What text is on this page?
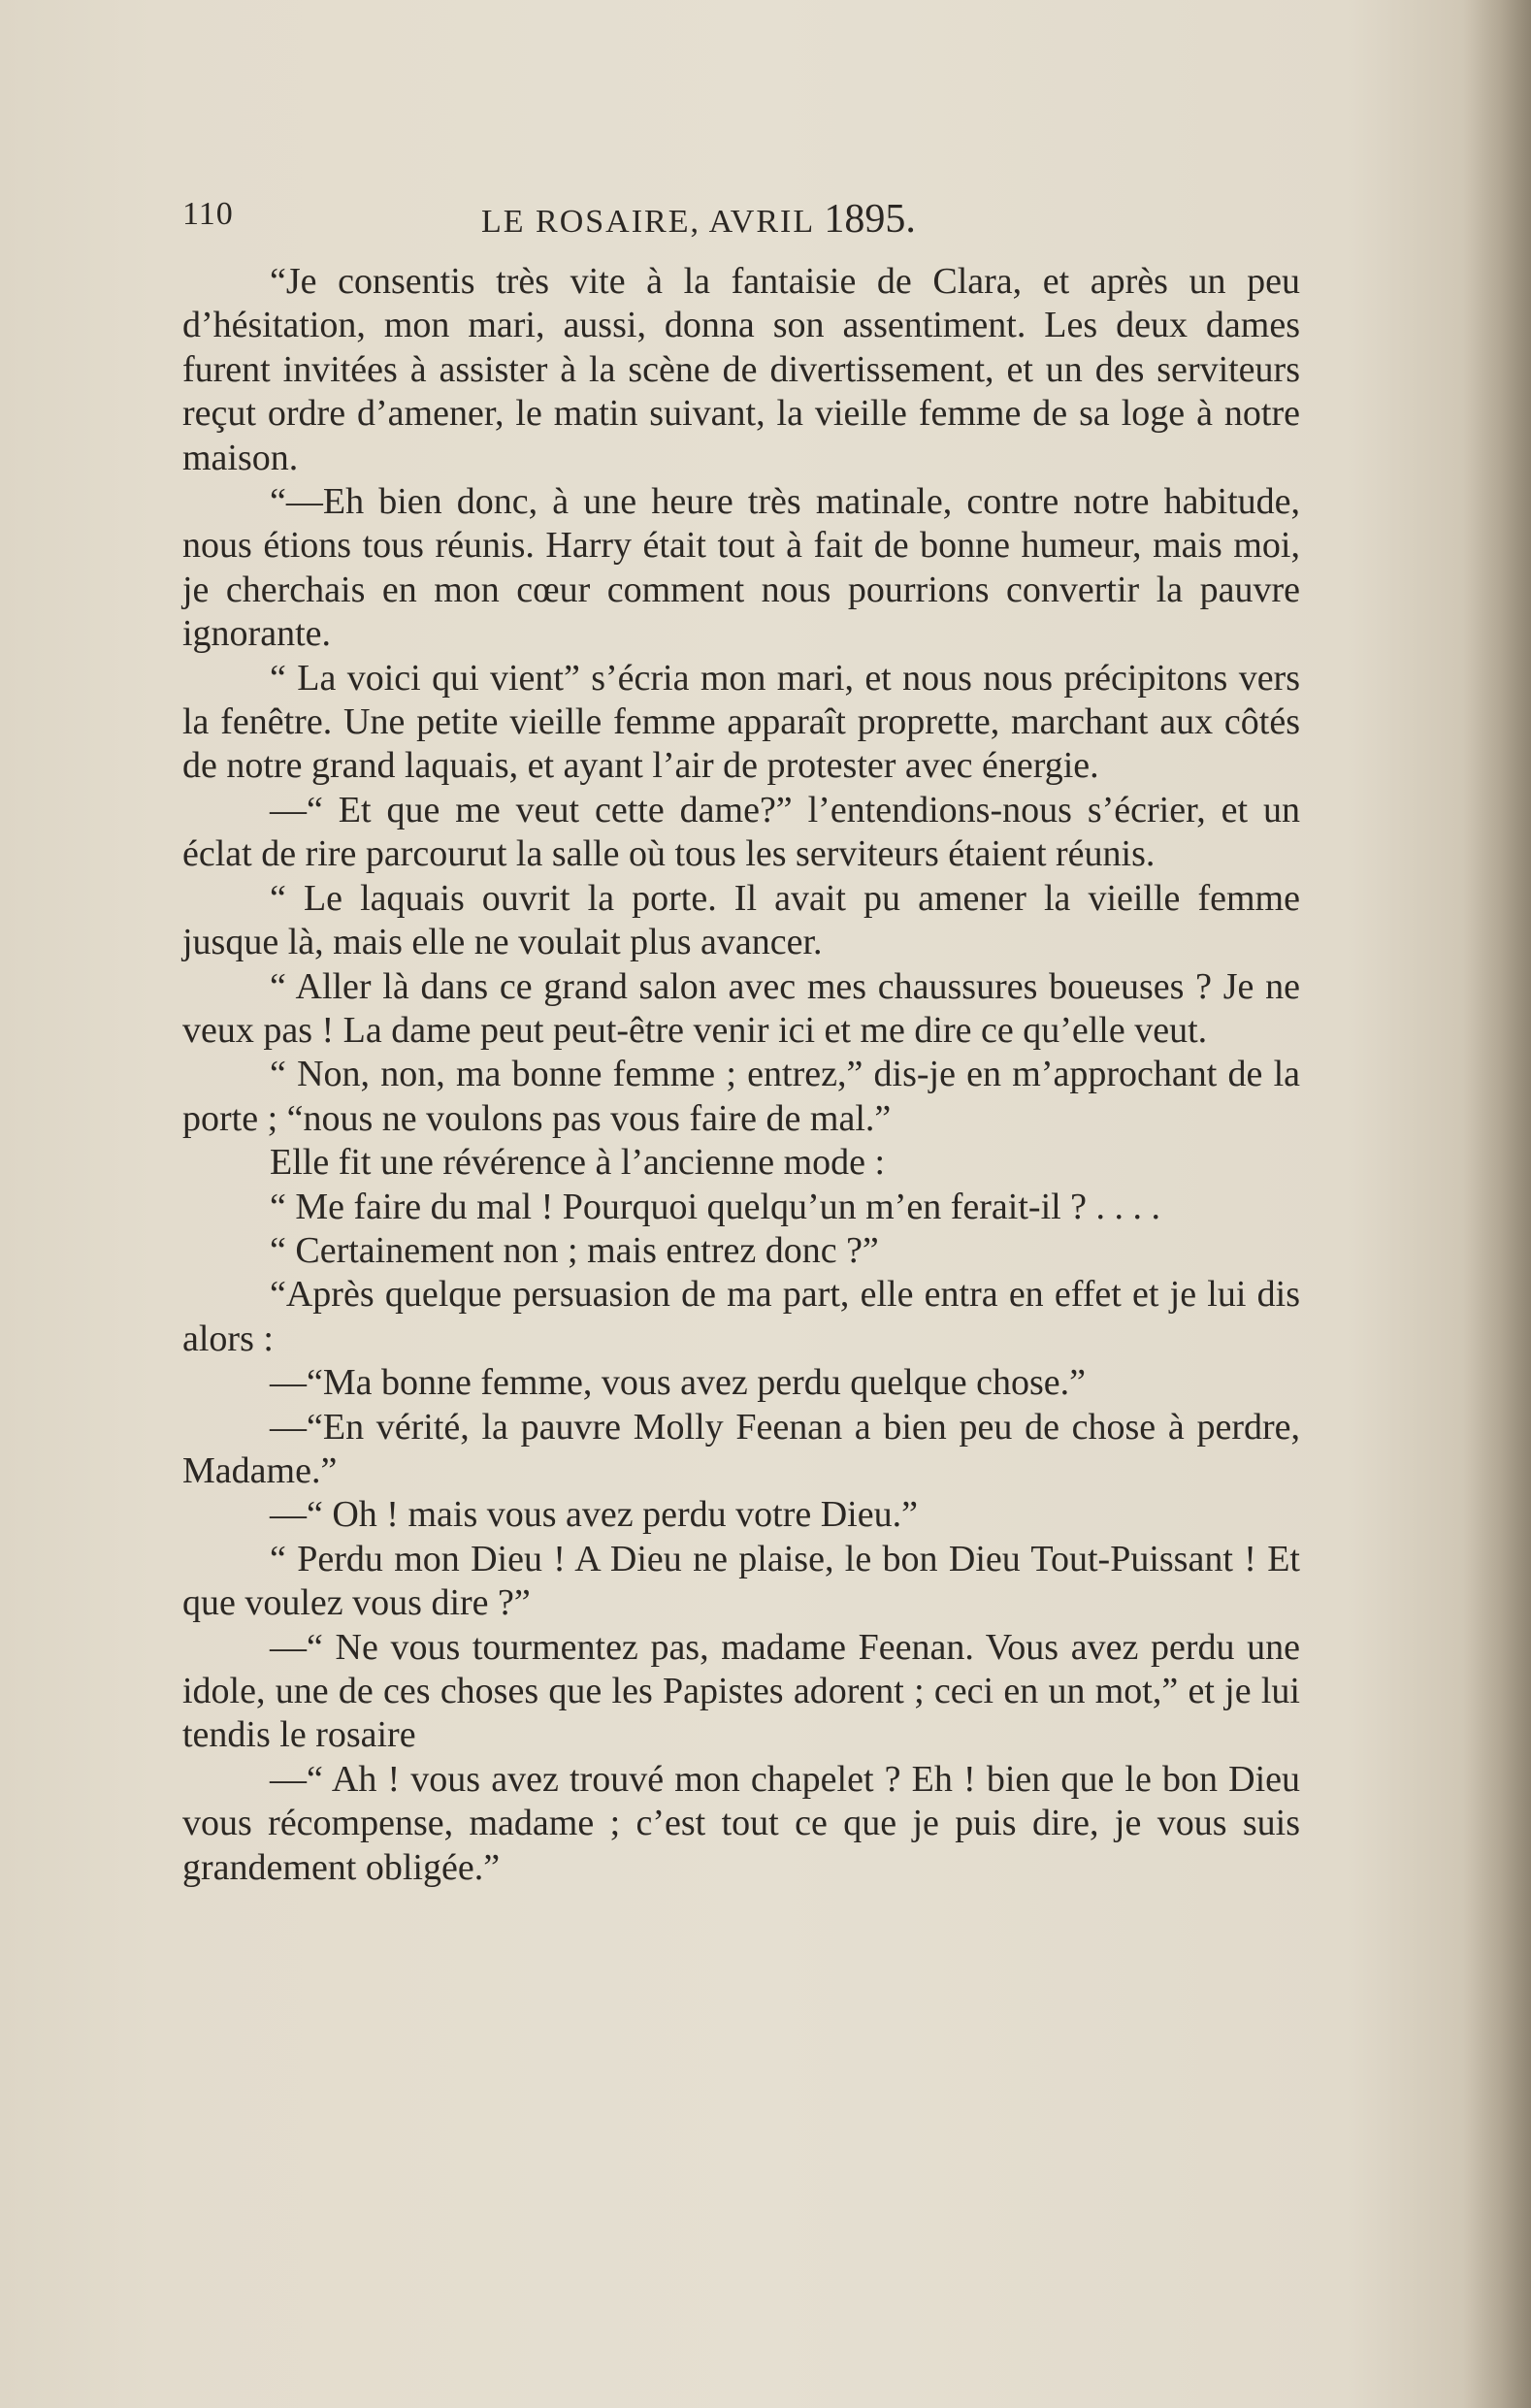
110	LE ROSAIRE, AVRIL 1895.

“Je consentis très vite à la fantaisie de Clara, et après un peu d’hésitation, mon mari, aussi, donna son assentiment. Les deux dames furent invitées à assister à la scène de divertissement, et un des serviteurs reçut ordre d’amener, le matin suivant, la vieille femme de sa loge à notre maison.

“—Eh bien donc, à une heure très matinale, contre notre habitude, nous étions tous réunis. Harry était tout à fait de bonne humeur, mais moi, je cherchais en mon cœur comment nous pourrions convertir la pauvre ignorante.

“ La voici qui vient” s’écria mon mari, et nous nous précipitons vers la fenêtre. Une petite vieille femme apparaît proprette, marchant aux côtés de notre grand laquais, et ayant l’air de protester avec énergie.

—“ Et que me veut cette dame?” l’entendions-nous s’écrier, et un éclat de rire parcourut la salle où tous les serviteurs étaient réunis.

“ Le laquais ouvrit la porte. Il avait pu amener la vieille femme jusque là, mais elle ne voulait plus avancer.

“ Aller là dans ce grand salon avec mes chaussures boueuses ? Je ne veux pas ! La dame peut peut-être venir ici et me dire ce qu’elle veut.

“ Non, non, ma bonne femme ; entrez,” dis-je en m’approchant de la porte ; “nous ne voulons pas vous faire de mal.”

Elle fit une révérence à l’ancienne mode :

“ Me faire du mal ! Pourquoi quelqu’un m’en ferait-il ? . . . .

“ Certainement non ; mais entrez donc ?”

“Après quelque persuasion de ma part, elle entra en effet et je lui dis alors :

—“Ma bonne femme, vous avez perdu quelque chose.”

—“En vérité, la pauvre Molly Feenan a bien peu de chose à perdre, Madame.”

—“ Oh ! mais vous avez perdu votre Dieu.”

“ Perdu mon Dieu ! A Dieu ne plaise, le bon Dieu Tout-Puissant ! Et que voulez vous dire ?”

—“ Ne vous tourmentez pas, madame Feenan. Vous avez perdu une idole, une de ces choses que les Papistes adorent ; ceci en un mot,” et je lui tendis le rosaire

—“ Ah ! vous avez trouvé mon chapelet ? Eh ! bien que le bon Dieu vous récompense, madame ; c’est tout ce que je puis dire, je vous suis grandement obligée.”
